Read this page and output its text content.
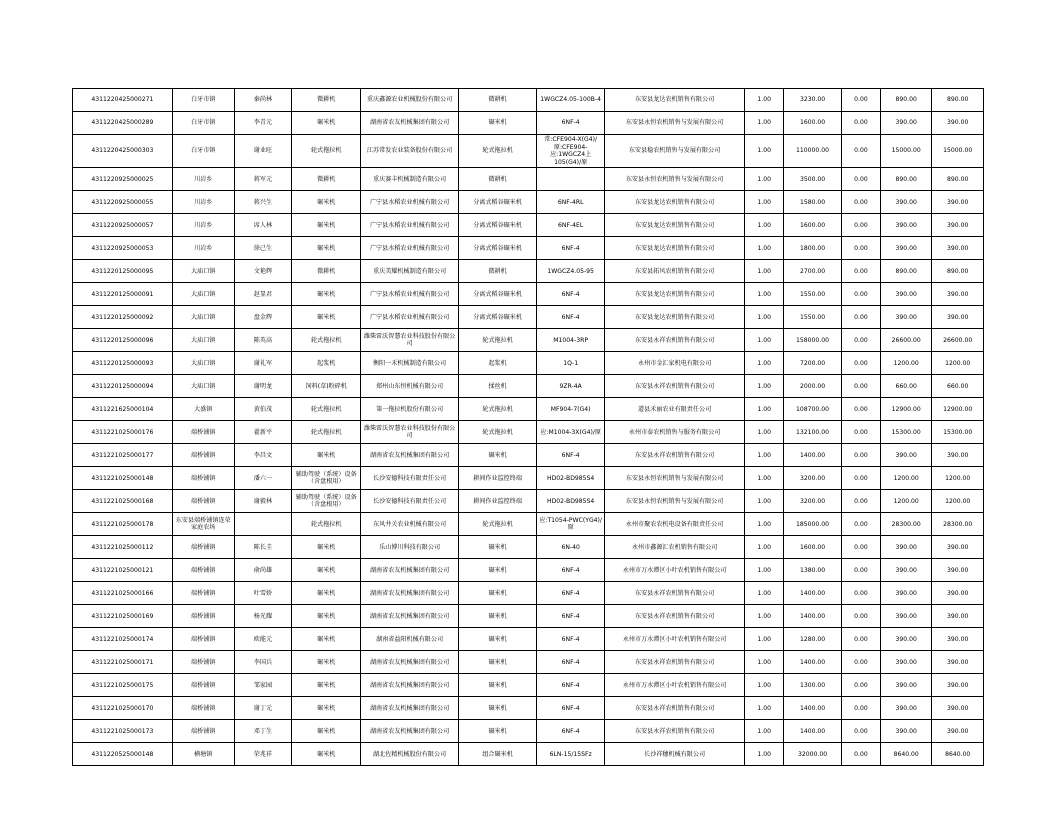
4311220425000271	白牙市镇	秦尚林	微耕机	重庆鑫源农业机械股份有限公司	微耕机	1WGCZ4.05-100B-4	东安县龙达农机销售有限公司	1.00	3230.00	0.00	890.00	890.00
4311220425000289	白牙市镇	李青元	碾米机	湖南省农友机械集团有限公司	碾米机	6NF-4	东安县永恒农机销售与发展有限公司	1.00	1600.00	0.00	390.00	390.00
4311220425000303	白牙市镇	谢业旺	轮式拖拉机	江苏常发农业装备股份有限公司	轮式拖拉机	常:CFE904-X(G4)/原:CFE904-应:1WGCZ4上105(G4)/原	东安县稳农机销售与发展有限公司	1.00	110000.00	0.00	15000.00	15000.00
4311220925000025	川岩乡	蒋军元	微耕机	重庆赛丰机械制造有限公司	微耕机		东安县永恒农机销售与发展有限公司	1.00	3500.00	0.00	890.00	890.00
4311220925000055	川岩乡	蒋兴生	碾米机	广宁县水稻农业机械有限公司	分离式稻谷碾米机	6NF-4RL	东安县龙达农机销售有限公司	1.00	1580.00	0.00	390.00	390.00
4311220925000057	川岩乡	席人林	碾米机	广宁县水稻农业机械有限公司	分离式稻谷碾米机	6NF-4EL	东安县龙达农机销售有限公司	1.00	1600.00	0.00	390.00	390.00
4311220925000053	川岩乡	徐己生	碾米机	广宁县水稻农业机械有限公司	分离式稻谷碾米机	6NF-4	东安县龙达农机销售有限公司	1.00	1800.00	0.00	390.00	390.00
4311220125000095	大庙口镇	文艳辉	微耕机	重庆美耀机械制造有限公司	微耕机	1WGCZ4.05-95	东安县拓风农机销售有限公司	1.00	2700.00	0.00	890.00	890.00
4311220125000091	大庙口镇	赵显君	碾米机	广宁县水稻农业机械有限公司	分离式稻谷碾米机	6NF-4	东安县龙达农机销售有限公司	1.00	1550.00	0.00	390.00	390.00
4311220125000092	大庙口镇	盘金辉	碾米机	广宁县水稻农业机械有限公司	分离式稻谷碾米机	6NF-4	东安县龙达农机销售有限公司	1.00	1550.00	0.00	390.00	390.00
4311220125000096	大庙口镇	陈英高	轮式拖拉机	潍柴雷沃智慧农业科技股份有限公司	轮式拖拉机	M1004-3RP	东安县永祥农机销售有限公司	1.00	158000.00	0.00	26600.00	26600.00
4311220125000093	大庙口镇	谢礼军	起浆机	衡阳一禾机械制造有限公司	起浆机	1Q-1	永州市金汇家机电有限公司	1.00	7200.00	0.00	1200.00	1200.00
4311220125000094	大庙口镇	谢明龙	饲料(草)粉碎机	郑州山东恒机械有限公司	揉丝机	9ZR-4A	东安县永祥农机销售有限公司	1.00	2000.00	0.00	660.00	660.00
4311221625000104	大盛镇	黄伯茂	轮式拖拉机	第一拖拉机股份有限公司	轮式拖拉机	MF904-7(G4)	道县禾丽农业有限责任公司	1.00	108700.00	0.00	12900.00	12900.00
4311221025000176	端桥铺镇	翟新平	轮式拖拉机	潍柴雷沃智慧农业科技股份有限公司	轮式拖拉机	应:M1004-3X(G4)/原	永州市泰农机销售与服务有限公司	1.00	132100.00	0.00	15300.00	15300.00
4311221025000177	端桥铺镇	李昌文	碾米机	湖南省农友机械集团有限公司	碾米机	6NF-4	东安县永祥农机销售有限公司	1.00	1400.00	0.00	390.00	390.00
4311221025000148	端桥铺镇	潘六一	辅助驾驶（系统）设备（含盘根用）	长沙安德科技有限责任公司	耕间作业监控终端	HD02-BD985S4	东安县永恒农机销售与发展有限公司	1.00	3200.00	0.00	1200.00	1200.00
4311221025000168	端桥铺镇	谢毅林	辅助驾驶（系统）设备（含盘根用）	长沙安德科技有限责任公司	耕间作业监控终端	HD02-BD985S4	东安县永恒农机销售与发展有限公司	1.00	3200.00	0.00	1200.00	1200.00
4311221025000178	东安县端桥铺镇连荣家庭农场		轮式拖拉机	东风井关农业机械有限公司	轮式拖拉机	应:T1054-PWC(YG4)/原	永州市聚农农机电设备有限责任公司	1.00	185000.00	0.00	28300.00	28300.00
4311221025000112	端桥铺镇	陈长圭	碾米机	乐山博川科技有限公司	碾米机	6N-40	永州市鑫源汇农机销售有限公司	1.00	1600.00	0.00	390.00	390.00
4311221025000121	端桥铺镇	俞尚雄	碾米机	湖南省农友机械集团有限公司	碾米机	6NF-4	永州市万水潭区小叶农机销售有限公司	1.00	1380.00	0.00	390.00	390.00
4311221025000166	端桥铺镇	叶雪娇	碾米机	湖南省农友机械集团有限公司	碾米机	6NF-4	东安县永祥农机销售有限公司	1.00	1400.00	0.00	390.00	390.00
4311221025000169	端桥铺镇	杨光耀	碾米机	湖南省农友机械集团有限公司	碾米机	6NF-4	东安县永祥农机销售有限公司	1.00	1400.00	0.00	390.00	390.00
4311221025000174	端桥铺镇	欧能元	碾米机	湖南省益阳机械有限公司	碾米机	6NF-4	永州市万水潭区小叶农机销售有限公司	1.00	1280.00	0.00	390.00	390.00
4311221025000171	端桥铺镇	李国兵	碾米机	湖南省农友机械集团有限公司	碾米机	6NF-4	东安县永祥农机销售有限公司	1.00	1400.00	0.00	390.00	390.00
4311221025000175	端桥铺镇	邹家园	碾米机	湖南省农友机械集团有限公司	碾米机	6NF-4	永州市万水潭区小叶农机销售有限公司	1.00	1300.00	0.00	390.00	390.00
4311221025000170	端桥铺镇	谢丁元	碾米机	湖南省农友机械集团有限公司	碾米机	6NF-4	东安县永祥农机销售有限公司	1.00	1400.00	0.00	390.00	390.00
4311221025000173	端桥铺镇	邓丁生	碾米机	湖南省农友机械集团有限公司	碾米机	6NF-4	东安县永祥农机销售有限公司	1.00	1400.00	0.00	390.00	390.00
4311220525000148	横塘镇	荣兆祥	碾米机	湖北佐精机械股份有限公司	组合碾米机	6LN-15/15SFz	长沙祥穗机械有限公司	1.00	32000.00	0.00	8640.00	8640.00
